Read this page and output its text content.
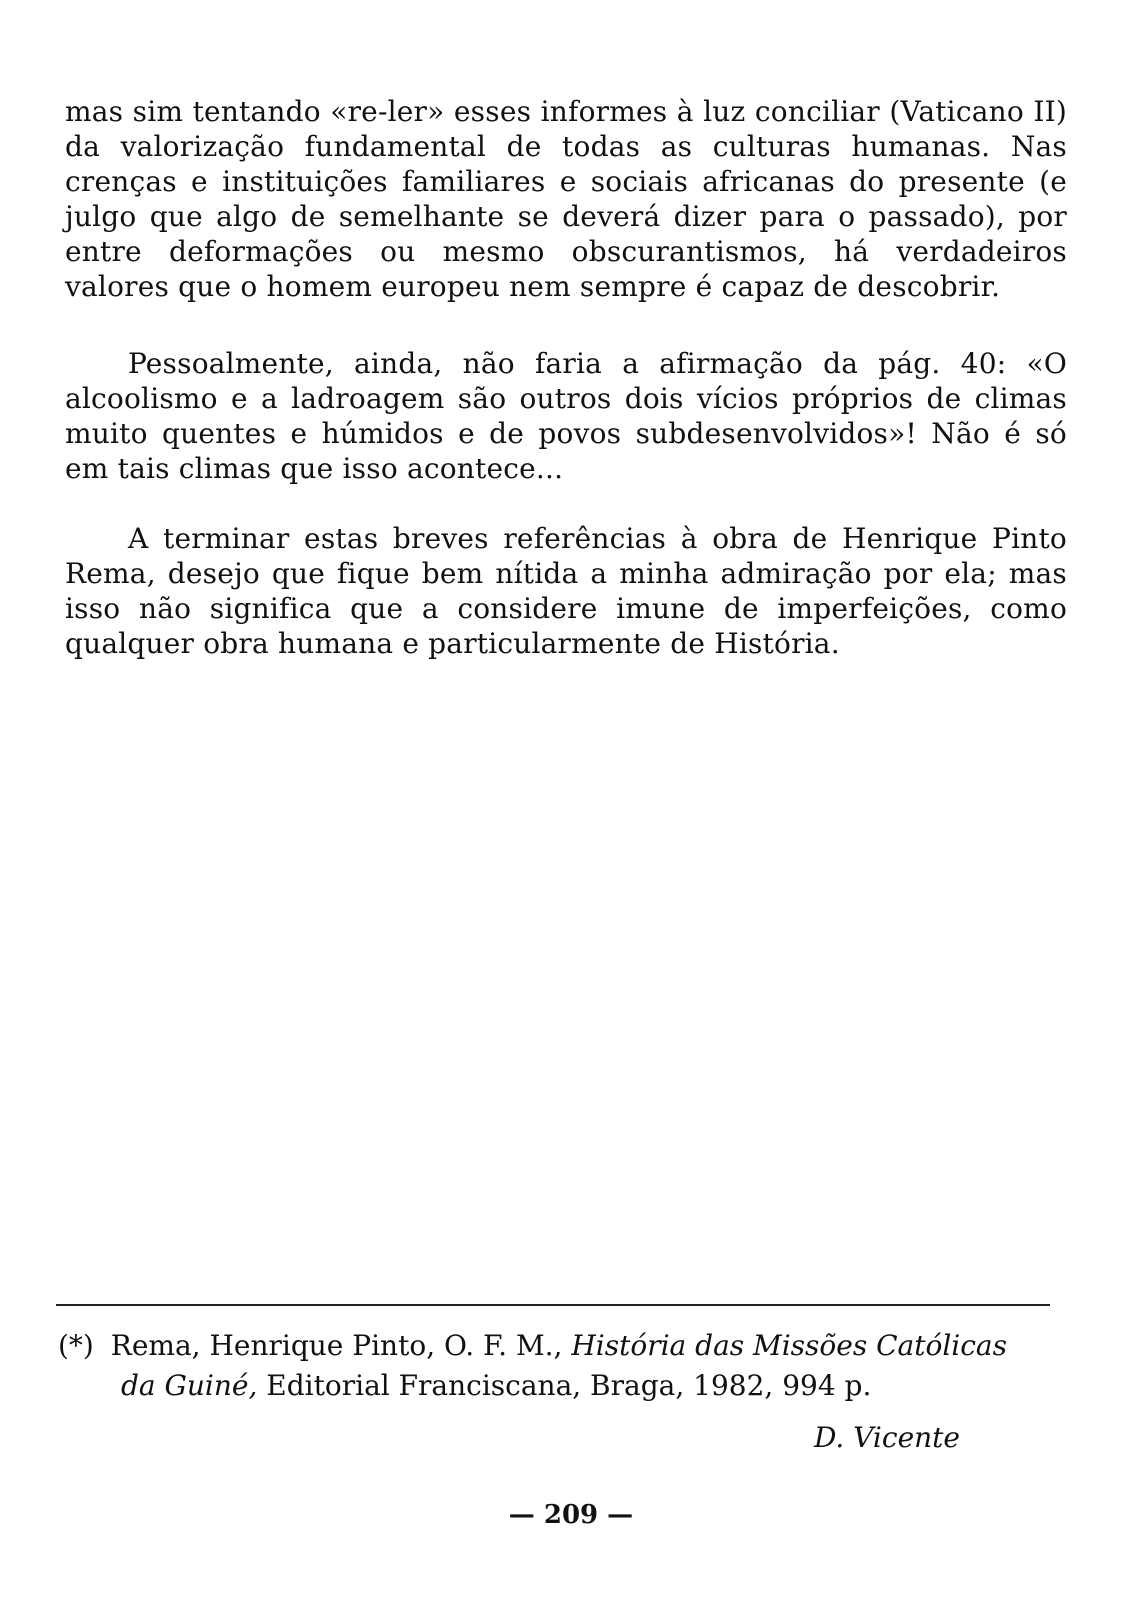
mas sim tentando «re-ler» esses informes à luz conciliar (Vaticano II) da valorização fundamental de todas as culturas humanas. Nas crenças e instituições familiares e sociais africanas do presente (e julgo que algo de semelhante se deverá dizer para o passado), por entre deformações ou mesmo obscurantismos, há verdadeiros valores que o homem europeu nem sempre é capaz de descobrir.

Pessoalmente, ainda, não faria a afirmação da pág. 40: «O alcoolismo e a ladroagem são outros dois vícios próprios de climas muito quentes e húmidos e de povos subdesenvolvidos»! Não é só em tais climas que isso acontece...

A terminar estas breves referências à obra de Henrique Pinto Rema, desejo que fique bem nítida a minha admiração por ela; mas isso não significa que a considere imune de imperfeições, como qualquer obra humana e particularmente de História.

(*) Rema, Henrique Pinto, O. F. M., História das Missões Católicas
da Guiné, Editorial Franciscana, Braga, 1982, 994 p.
D. Vicente
— 209 —
